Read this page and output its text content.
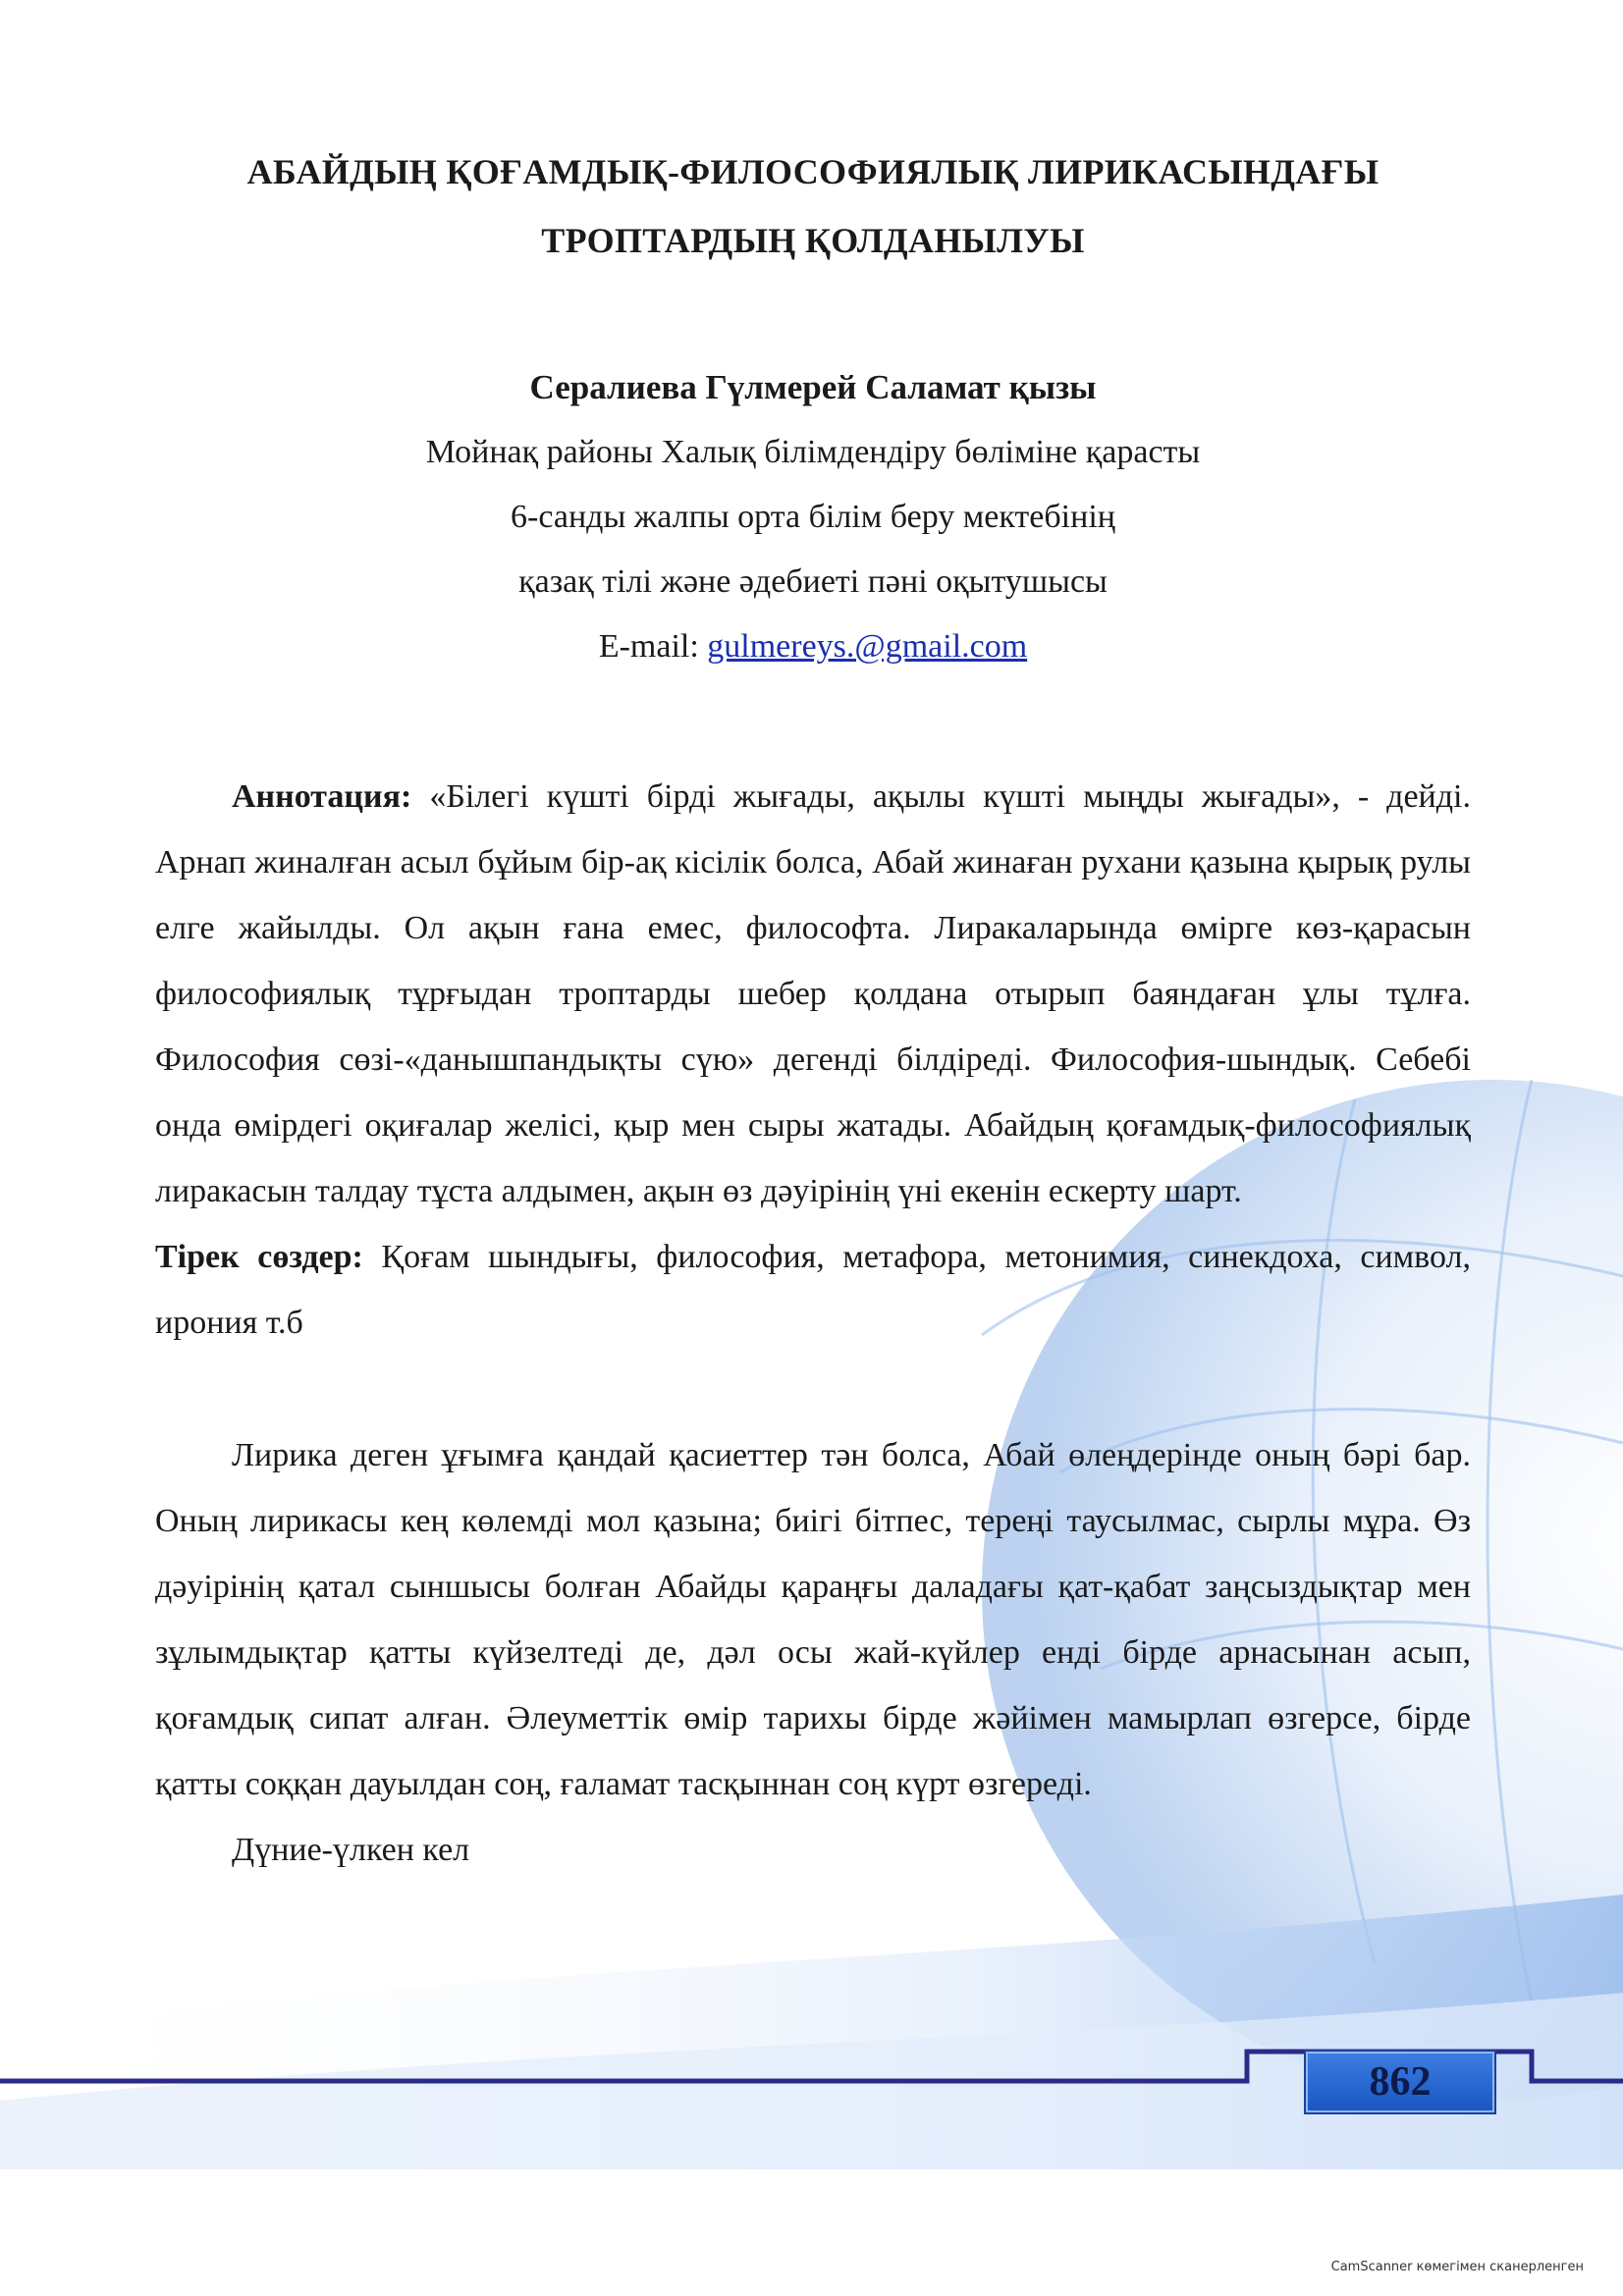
АБАЙДЫҢ ҚОҒАМДЫҚ-ФИЛОСОФИЯЛЫҚ ЛИРИКАСЫНДАҒЫ
ТРОПТАРДЫҢ ҚОЛДАНЫЛУЫ
Сералиева Гүлмерей Саламат қызы
Мойнақ районы Халық білімдендіру бөліміне қарасты
6-санды жалпы орта білім беру мектебінің
қазақ тілі және әдебиеті пәні оқытушысы
E-mail: gulmereys.@gmail.com

Аннотация: «Білегі күшті бірді жығады, ақылы күшті мыңды жығады», - дейді. Арнап жиналған асыл бұйым бір-ақ кісілік болса, Абай жинаған рухани қазына қырық рулы елге жайылды. Ол ақын ғана емес, философта. Лиракаларында өмірге көз-қарасын философиялық тұрғыдан троптарды шебер қолдана отырып баяндаған ұлы тұлға. Философия сөзі-«данышпандықты сүю» дегенді білдіреді. Философия-шындық. Себебі онда өмірдегі оқиғалар желісі, қыр мен сыры жатады. Абайдың қоғамдық-философиялық лиракасын талдау тұста алдымен, ақын өз дәуірінің үні екенін ескерту шарт.
Тірек сөздер: Қоғам шындығы, философия, метафора, метонимия, синекдоха, символ, ирония т.б

Лирика деген ұғымға қандай қасиеттер тән болса, Абай өлеңдерінде оның бәрі бар. Оның лирикасы кең көлемді мол қазына; биігі бітпес, тереңі таусылмас, сырлы мұра. Өз дәуірінің қатал сыншысы болған Абайды қараңғы даладағы қат-қабат заңсыздықтар мен зұлымдықтар қатты күйзелтеді де, дәл осы жай-күйлер енді бірде арнасынан асып, қоғамдық сипат алған. Әлеуметтік өмір тарихы бірде жәйімен мамырлап өзгерсе, бірде қатты соққан дауылдан соң, ғаламат тасқыннан соң күрт өзгереді.

Дүние-үлкен кел

862
CamScanner көмегімен сканерленген
